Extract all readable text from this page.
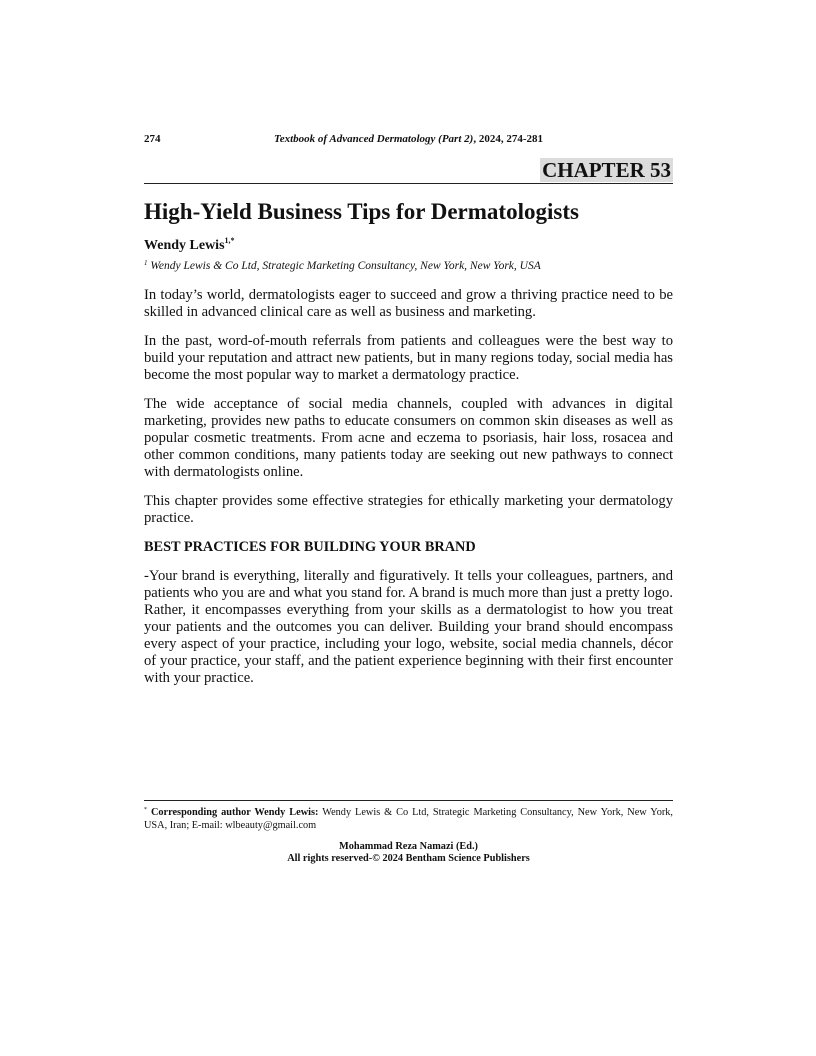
274	Textbook of Advanced Dermatology (Part 2), 2024, 274-281
CHAPTER 53
High-Yield Business Tips for Dermatologists
Wendy Lewis$^{1,*}$
$^1$ Wendy Lewis & Co Ltd, Strategic Marketing Consultancy, New York, New York, USA

In today’s world, dermatologists eager to succeed and grow a thriving practice need to be skilled in advanced clinical care as well as business and marketing.

In the past, word-of-mouth referrals from patients and colleagues were the best way to build your reputation and attract new patients, but in many regions today, social media has become the most popular way to market a dermatology practice.

The wide acceptance of social media channels, coupled with advances in digital marketing, provides new paths to educate consumers on common skin diseases as well as popular cosmetic treatments. From acne and eczema to psoriasis, hair loss, rosacea and other common conditions, many patients today are seeking out new pathways to connect with dermatologists online.

This chapter provides some effective strategies for ethically marketing your dermatology practice.

BEST PRACTICES FOR BUILDING YOUR BRAND

-Your brand is everything, literally and figuratively. It tells your colleagues, partners, and patients who you are and what you stand for. A brand is much more than just a pretty logo. Rather, it encompasses everything from your skills as a dermatologist to how you treat your patients and the outcomes you can deliver. Building your brand should encompass every aspect of your practice, including your logo, website, social media channels, décor of your practice, your staff, and the patient experience beginning with their first encounter with your practice.

* Corresponding author Wendy Lewis: Wendy Lewis & Co Ltd, Strategic Marketing Consultancy, New York, New York, USA, Iran; E-mail: wlbeauty@gmail.com
Mohammad Reza Namazi (Ed.)
All rights reserved-© 2024 Bentham Science Publishers
